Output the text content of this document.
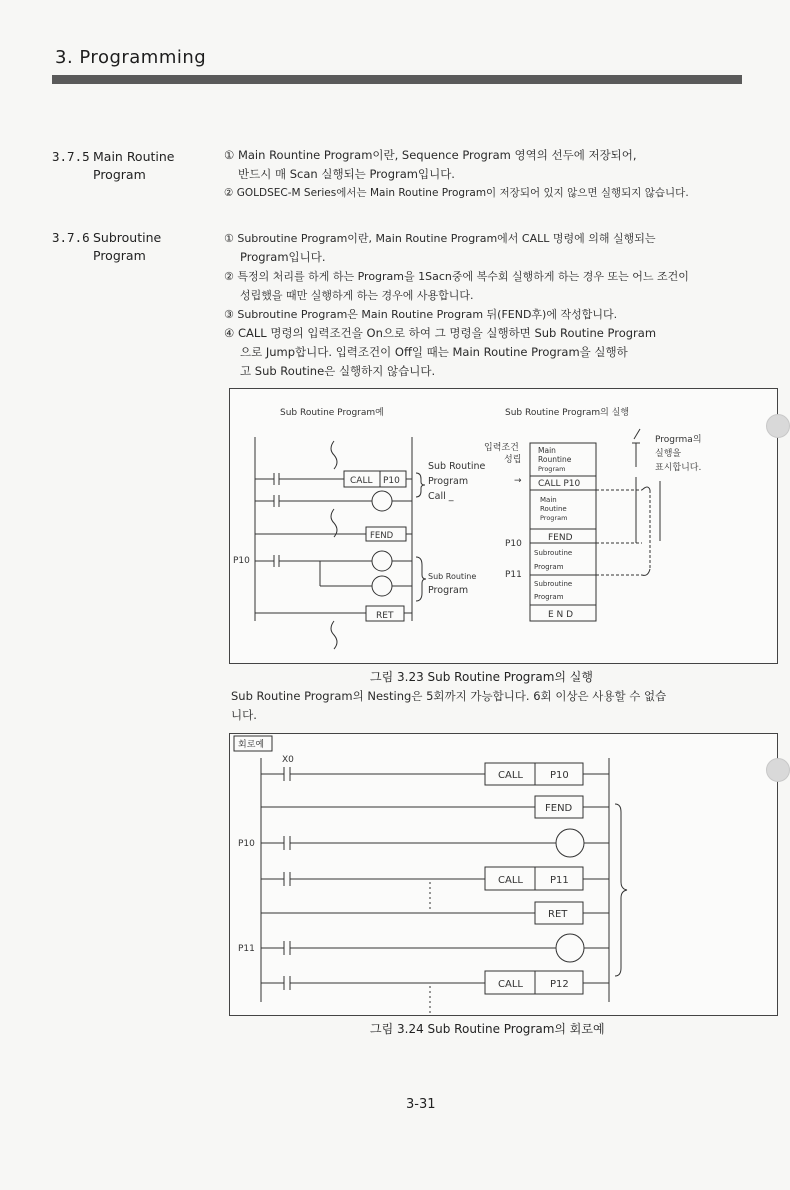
3. Programming
3.7.5 Main Routine
Program
① Main Rountine Program이란, Sequence Program 영역의 선두에 저장되어,
반드시 매 Scan 실행되는 Program입니다.
② GOLDSEC-M Series에서는 Main Routine Program이 저장되어 있지 않으면 실행되지 않습니다.
3.7.6 Subroutine
Program
① Subroutine Program이란, Main Routine Program에서 CALL 명령에 의해 실행되는
Program입니다.
② 특정의 처리를 하게 하는 Program을 1Sacn중에 복수회 실행하게 하는 경우 또는 어느 조건이
성립했을 때만 실행하게 하는 경우에 사용합니다.
③ Subroutine Program은 Main Routine Program 뒤(FEND후)에 작성합니다.
④ CALL 명령의 입력조건을 On으로 하여 그 명령을 실행하면 Sub Routine Program
으로 Jump합니다. 입력조건이 Off일 때는 Main Routine Program을 실행하
고 Sub Routine은 실행하지 않습니다.
Sub Routine Program예	Sub Routine Program의 실행
CALL P10
FEND
P10
RET
Sub Routine
Program
Call _
Sub Routine
Program
입력조건
성립
→
Main
Rountine
Program
CALL P10
Main
Routine
Program
FEND
Subroutine
Program
Subroutine
Program
E N D
P10
P11
Progrma의
실행을
표시합니다.
그림 3.23 Sub Routine Program의 실행
Sub Routine Program의 Nesting은 5회까지 가능합니다. 6회 이상은 사용할 수 없습
니다.
회로예
X0
CALL	P10
FEND
P10
CALL	P11
RET
P11
CALL	P12
그림 3.24 Sub Routine Program의 회로예
3-31
